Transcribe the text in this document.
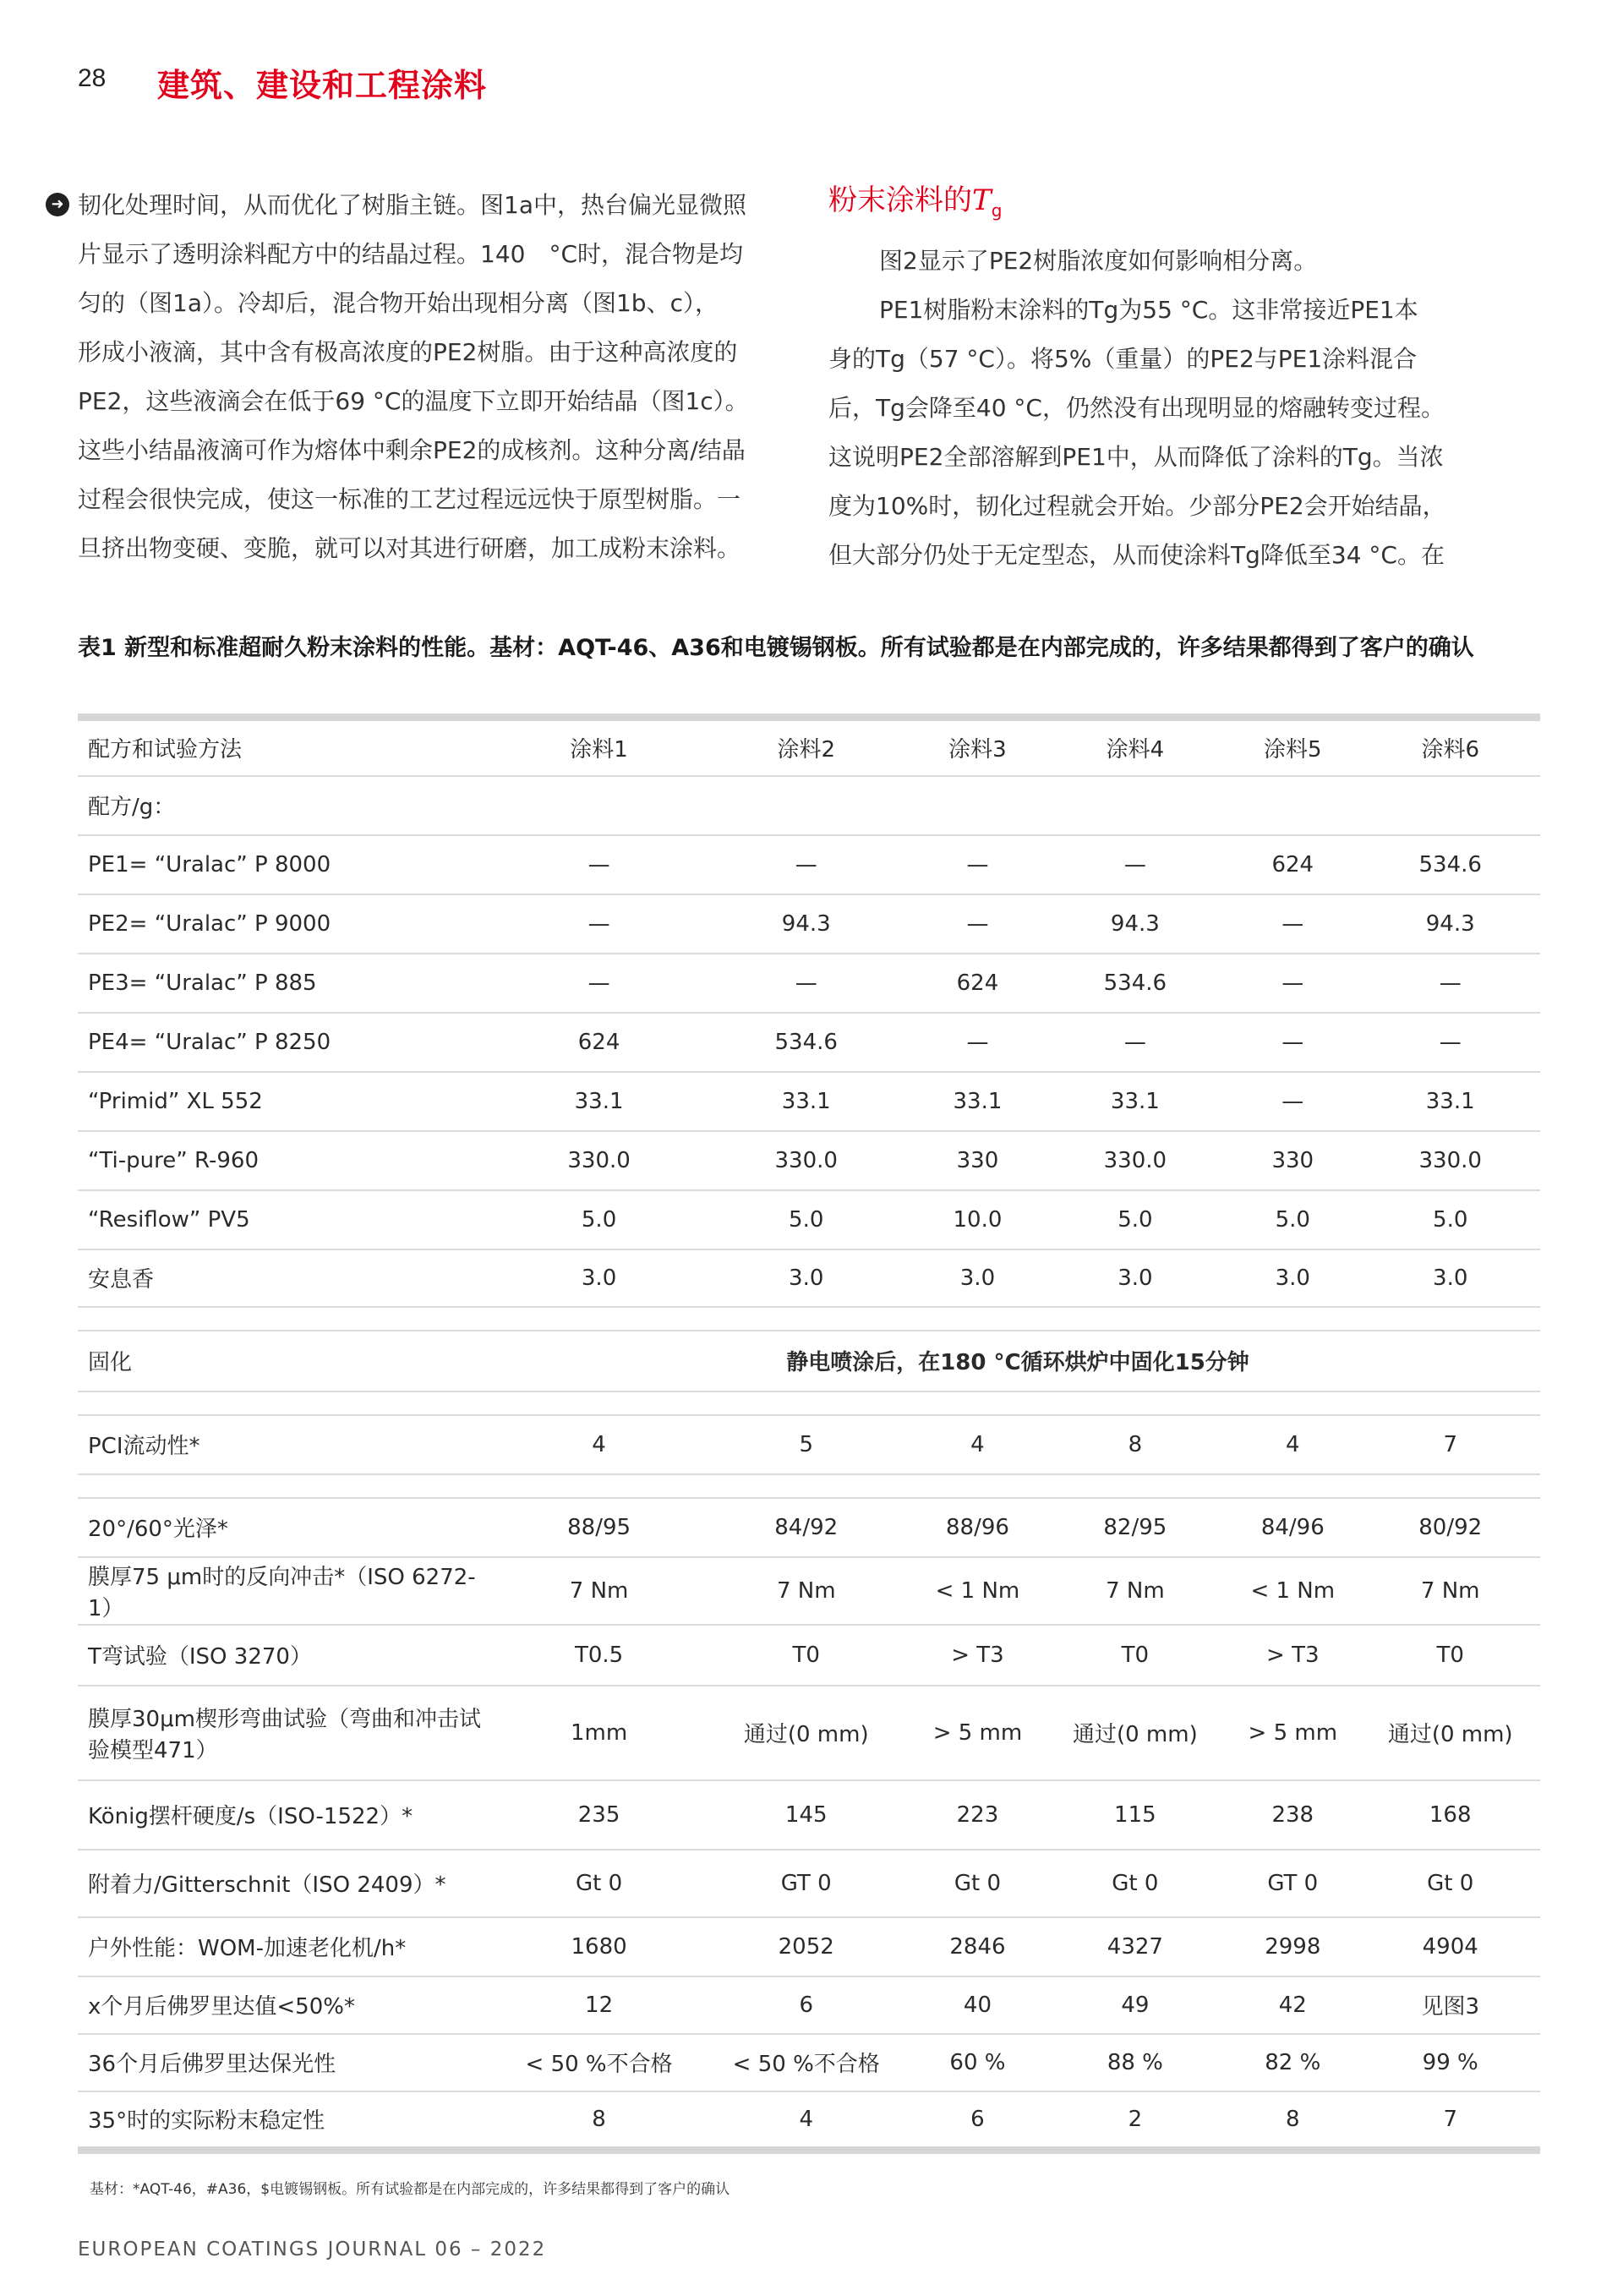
28 建筑、建设和工程涂料
➜ 韧化处理时间，从而优化了树脂主链。图1a中，热台偏光显微照
片显示了透明涂料配方中的结晶过程。140　°C时，混合物是均
匀的（图1a）。冷却后，混合物开始出现相分离（图1b、c），
形成小液滴，其中含有极高浓度的PE2树脂。由于这种高浓度的
PE2，这些液滴会在低于69 °C的温度下立即开始结晶（图1c）。
这些小结晶液滴可作为熔体中剩余PE2的成核剂。这种分离/结晶
过程会很快完成，使这一标准的工艺过程远远快于原型树脂。一
旦挤出物变硬、变脆，就可以对其进行研磨，加工成粉末涂料。
粉末涂料的$T_g$

图2显示了PE2树脂浓度如何影响相分离。

PE1树脂粉末涂料的Tg为55 °C。这非常接近PE1本
身的Tg（57 °C）。将5%（重量）的PE2与PE1涂料混合
后，Tg会降至40 °C，仍然没有出现明显的熔融转变过程。
这说明PE2全部溶解到PE1中，从而降低了涂料的Tg。当浓
度为10%时，韧化过程就会开始。少部分PE2会开始结晶，
但大部分仍处于无定型态，从而使涂料Tg降低至34 °C。在
表1 新型和标准超耐久粉末涂料的性能。基材：AQT-46、A36和电镀锡钢板。所有试验都是在内部完成的，许多结果都得到了客户的确认
配方和试验方法	涂料1	涂料2	涂料3	涂料4	涂料5	涂料6
配方/g：						
PE1= “Uralac” P 8000	—	—	—	—	624	534.6
PE2= “Uralac” P 9000	—	94.3	—	94.3	—	94.3
PE3= “Uralac” P 885	—	—	624	534.6	—	—
PE4= “Uralac” P 8250	624	534.6	—	—	—	—
“Primid” XL 552	33.1	33.1	33.1	33.1	—	33.1
“Ti-pure” R-960	330.0	330.0	330	330.0	330	330.0
“Resiflow” PV5	5.0	5.0	10.0	5.0	5.0	5.0
安息香	3.0	3.0	3.0	3.0	3.0	3.0

固化	静电喷涂后，在180 °C循环烘炉中固化15分钟					

PCI流动性*	4	5	4	8	4	7

20°/60°光泽*	88/95	84/92	88/96	82/95	84/96	80/92
膜厚75 μm时的反向冲击*（ISO 6272-1）	7 Nm	7 Nm	< 1 Nm	7 Nm	< 1 Nm	7 Nm
T弯试验（ISO 3270）	T0.5	T0	> T3	T0	> T3	T0
膜厚30μm楔形弯曲试验（弯曲和冲击试验模型471）	1mm	通过(0 mm)	> 5 mm	通过(0 mm)	> 5 mm	通过(0 mm)
König摆杆硬度/s（ISO-1522）*	235	145	223	115	238	168
附着力/Gitterschnit（ISO 2409）*	Gt 0	GT 0	Gt 0	Gt 0	GT 0	Gt 0
户外性能：WOM-加速老化机/h*	1680	2052	2846	4327	2998	4904
x个月后佛罗里达值<50%*	12	6	40	49	42	见图3
36个月后佛罗里达保光性	< 50 %不合格	< 50 %不合格	60 %	88 %	82 %	99 %
35°时的实际粉末稳定性	8	4	6	2	8	7
基材：*AQT-46，#A36，$电镀锡钢板。所有试验都是在内部完成的，许多结果都得到了客户的确认
EUROPEAN COATINGS JOURNAL 06 – 2022
